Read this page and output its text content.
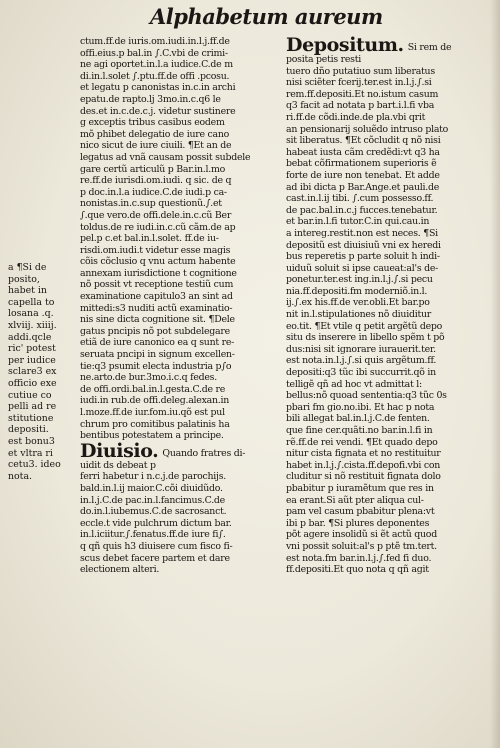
Alphabetum aureum
a ¶Si de
posito,
habet in
capella to
losana .q.
xlviij. xiiij.
addi.qcle
ric' potest
per iudice
sclare3 ex
officio exe
cutiue co
pelli ad re
stitutione
depositi.
est bonu3
et vltra ri
cetu3. ideo
nota.
ctum.ff.de iuris.om.iudi.in.l.j.ff.de
offi.eius.p bal.in ∫.C.vbi de crimi-
ne agi oportet.in.l.a iudice.C.de m
di.in.l.solet ∫.ptu.ff.de offi .pcosu.
et legatu p canonistas in.c.in archi
epatu.de rapto.lj 3mo.in.c.q6 le
des.et in.c.de.c.j. videtur sustinere
g exceptis tribus casibus eodem
mõ phibet delegatio de iure cano
nico sicut de iure ciuili. ¶Et an de
legatus ad vnã causam possit subdele
gare certũ articulũ p Bar.in.l.mo
re.ff.de iurisdi.om.iudi. q sic. de q
p doc.in.l.a iudice.C.de iudi.p ca-
nonistas.in.c.sup questionũ.∫.et
∫.que vero.de offi.dele.in.c.cũ Ber
toldus.de re iudi.in.c.cũ cãm.de ap
pel.p c.et bal.in.l.solet. ff.de iu-
risdi.om.iudi.t videtur esse magis
cõis cõclusio q vnu actum habente
annexam iurisdictione t cognitione
nõ possit vt receptione testiũ cum
examinatione capitulo3 an sint ad
mittedi:s3 nuditi actũ examinatio-
nis sine dicta cognitione sit. ¶Dele
gatus pncipis nõ pot subdelegare
etiã de iure canonico ea q sunt re-
seruata pncipi in signum excellen-
tie:q3 psumit electa industria p∫o
ne.arto.de bur.3mo.i.c.q fedes.
de offi.ordi.bal.in.l.gesta.C.de re
iudi.in rub.de offi.deleg.alexan.in
l.moze.ff.de iur.fom.iu.qõ est pul
chrum pro comitibus palatinis ha
bentibus potestatem a principe.
Diuisio. Quando fratres di-
uidit ds debeat p
ferri habetur i n.c.j.de parochijs.
bald.in.l.ij maior.C.cõi diuidũdo.
in.l.j.C.de pac.in.l.fancimus.C.de
do.in.l.iubemus.C.de sacrosanct.
eccle.t vide pulchrum dictum bar.
in.l.iciitur.∫.fenatus.ff.de iure fi∫.
q qñ quis h3 diuisere cum fisco fi-
scus debet facere partem et dare
electionem alteri.
Depositum. Si rem de
posita petis resti
tuero dño putatiuo sum liberatus
nisi sciẽter fcerij.ter.est in.l.j.∫.si
rem.ff.depositi.Et no.istum casum
q3 facit ad notata p bart.i.l.fi vba
ri.ff.de cõdi.inde.de pla.vbi qrit
an pensionarij soluẽdo intruso plato
sit liberatus. ¶Et cõcludit q nõ nisi
habeat iusta cãm credẽdi:vt q3 ha
bebat cõfirmationem superioris ẽ
forte de iure non tenebat. Et adde
ad ibi dicta p Bar.Ange.et pauli.de
cast.in.l.ij tibi. ∫.cum possesso.ff.
de pac.bal.in.c.j fucces.tenebatur.
et bar.in.l.fi tutor.C.in qui.cau.in
a intereg.restit.non est neces. ¶Si
depositũ est diuisiuũ vni ex heredi
bus reperetis p parte soluit h indi-
uiduũ soluit si ipse caueat:al's de-
ponetur.ter.est ing.in.l.j.∫.si pecu
nia.ff.depositi.fm moderniõ.in.l.
ij.∫.ex his.ff.de ver.obli.Et bar.po
nit in.l.stipulationes nõ diuiditur
eo.tit. ¶Et vtile q petit argẽtũ depo
situ ds inserere in libello spẽm t põ
dus:nisi sit ignorare iurauerit.ter.
est nota.in.l.j.∫.si quis argẽtum.ff.
depositi:q3 tũc ibi succurrit.qõ in
telligẽ qñ ad hoc vt admittat l:
bellus:nõ quoad sententia:q3 tũc 0s
pbari fm gio.no.ibi. Et hac p nota
bili allegat bal.in.l.j.C.de fenten.
que fine cer.quãti.no bar.in.l.fi in
rẽ.ff.de rei vendi. ¶Et quado depo
nitur cista fignata et no restituitur
habet in.l.j.∫.cista.ff.depofi.vbi con
cluditur si nõ restituit fignata dolo
pbabitur p iuramẽtum que res in
ea erant.Si aũt pter aliqua cul-
pam vel casum pbabitur plena:vt
ibi p bar. ¶Si plures deponentes
põt agere insolidũ si ẽt actũ quod
vni possit soluit:al's p ptẽ tm.tert.
est nota.fm bar.in.l.j.∫.fed fi duo.
ff.depositi.Et quo nota q qñ agit
